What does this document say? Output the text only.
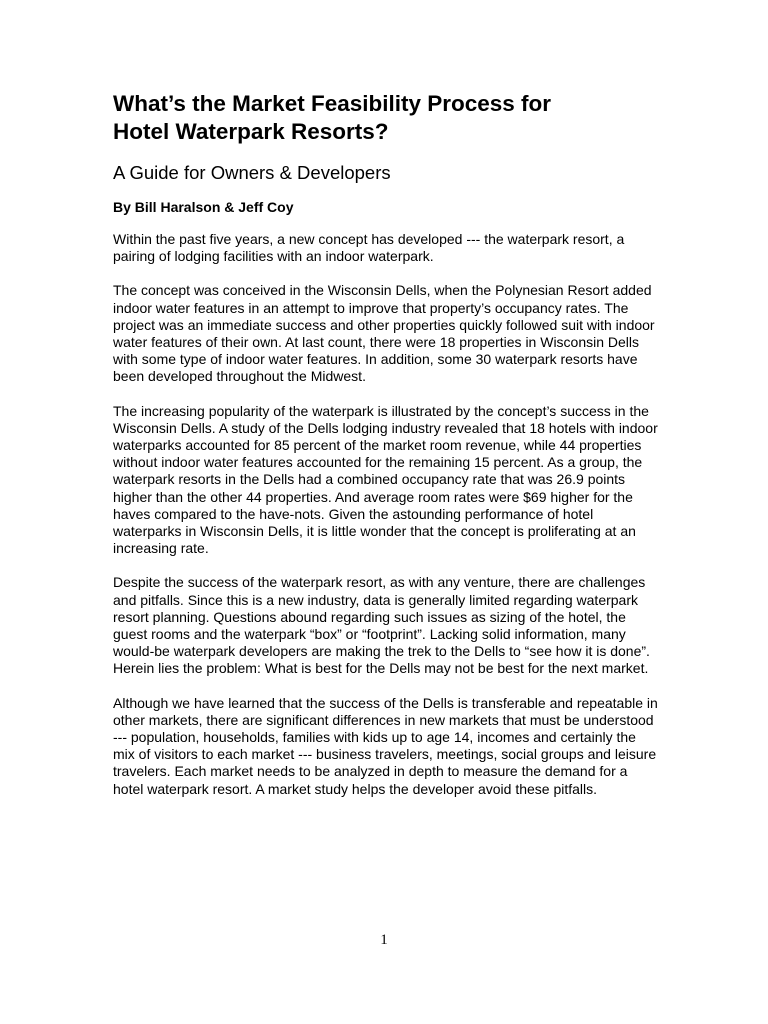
What’s the Market Feasibility Process for
Hotel Waterpark Resorts?
A Guide for Owners & Developers
By Bill Haralson & Jeff Coy

Within the past five years, a new concept has developed --- the waterpark resort, a pairing of lodging facilities with an indoor waterpark.

The concept was conceived in the Wisconsin Dells, when the Polynesian Resort added indoor water features in an attempt to improve that property’s occupancy rates. The project was an immediate success and other properties quickly followed suit with indoor water features of their own. At last count, there were 18 properties in Wisconsin Dells with some type of indoor water features. In addition, some 30 waterpark resorts have been developed throughout the Midwest.

The increasing popularity of the waterpark is illustrated by the concept’s success in the Wisconsin Dells. A study of the Dells lodging industry revealed that 18 hotels with indoor waterparks accounted for 85 percent of the market room revenue, while 44 properties without indoor water features accounted for the remaining 15 percent. As a group, the waterpark resorts in the Dells had a combined occupancy rate that was 26.9 points higher than the other 44 properties. And average room rates were $69 higher for the haves compared to the have-nots. Given the astounding performance of hotel waterparks in Wisconsin Dells, it is little wonder that the concept is proliferating at an increasing rate.

Despite the success of the waterpark resort, as with any venture, there are challenges and pitfalls. Since this is a new industry, data is generally limited regarding waterpark resort planning. Questions abound regarding such issues as sizing of the hotel, the guest rooms and the waterpark “box” or “footprint”. Lacking solid information, many would-be waterpark developers are making the trek to the Dells to “see how it is done”. Herein lies the problem: What is best for the Dells may not be best for the next market.

Although we have learned that the success of the Dells is transferable and repeatable in other markets, there are significant differences in new markets that must be understood --- population, households, families with kids up to age 14, incomes and certainly the mix of visitors to each market --- business travelers, meetings, social groups and leisure travelers. Each market needs to be analyzed in depth to measure the demand for a hotel waterpark resort. A market study helps the developer avoid these pitfalls.

1
